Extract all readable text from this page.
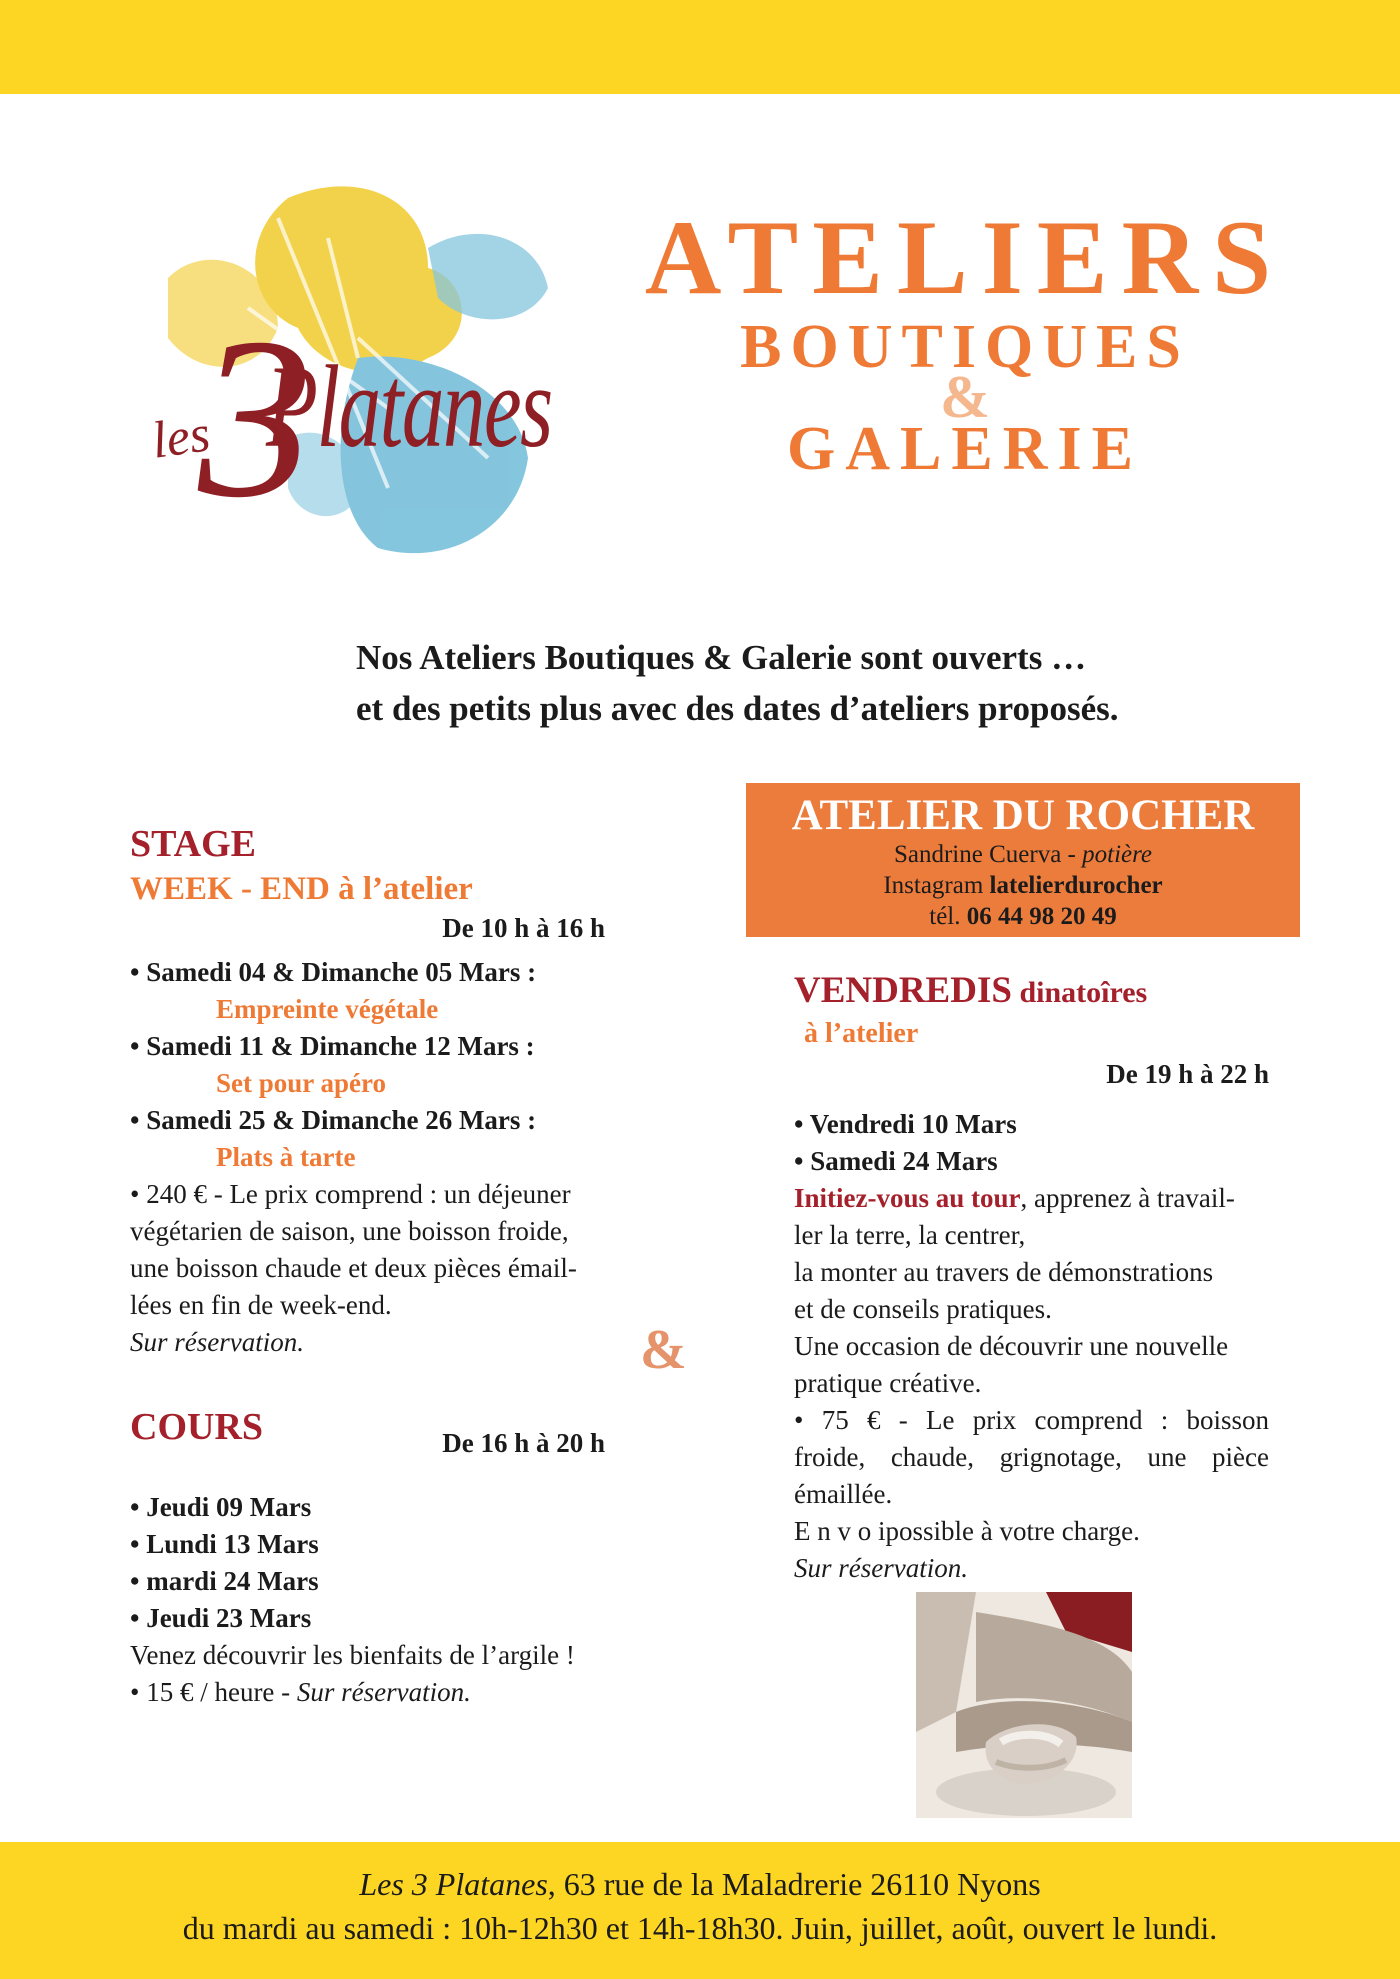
les
3
Platanes
ATELIERS
BOUTIQUES
&
GALERIE
Nos Ateliers Boutiques & Galerie sont ouverts …
et des petits plus avec des dates d’ateliers proposés.
STAGE
WEEK - END à l’atelier
De 10 h à 16 h
• Samedi 04 & Dimanche 05 Mars :
Empreinte végétale
• Samedi 11 & Dimanche 12 Mars :
Set pour apéro
• Samedi 25 & Dimanche 26 Mars :
Plats à tarte
• 240 € - Le prix comprend : un déjeuner
végétarien de saison, une boisson froide,
une boisson chaude et deux pièces émail-
lées en fin de week-end.
Sur réservation.
COURS	De 16 h à 20 h
• Jeudi 09 Mars
• Lundi 13 Mars
• mardi 24 Mars
• Jeudi 23 Mars
Venez découvrir les bienfaits de l’argile !
• 15 € / heure - Sur réservation.
&
ATELIER DU ROCHER
Sandrine Cuerva - potière
Instagram latelierdurocher
tél. 06 44 98 20 49
VENDREDIS dinatoîres
à l’atelier
De 19 h à 22 h
• Vendredi 10 Mars
• Samedi 24 Mars
Initiez-vous au tour, apprenez à travail-
ler la terre, la centrer,
la monter au travers de démonstrations
et de conseils pratiques.
Une occasion de découvrir une nouvelle
pratique créative.
• 75 € - Le prix comprend : boisson
froide, chaude, grignotage, une pièce
émaillée.
E n v o ipossible à votre charge.
Sur réservation.
Les 3 Platanes, 63 rue de la Maladrerie 26110 Nyons
du mardi au samedi : 10h-12h30 et 14h-18h30. Juin, juillet, août, ouvert le lundi.
